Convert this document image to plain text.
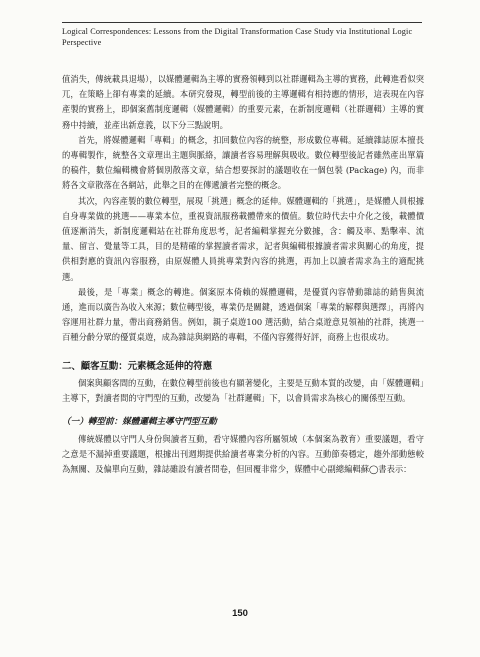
Logical Correspondences: Lessons from the Digital Transformation Case Study via Institutional Logic Perspective

值消失，傳統載具退場），以媒體邏輯為主導的實務領轉到以社群邏輯為主導的實務，此轉進看似突兀，在策略上卻有專業的延續。本研究發現，轉型前後的主導邏輯有相持應的情形，這表現在內容產製的實務上，即個案舊制度邏輯（媒體邏輯）的重要元素，在新制度邏輯（社群邏輯）主導的實務中持續，並產出新意義，以下分三點說明。

首先，將媒體邏輯「專輯」的概念，扣回數位內容的統整，形成數位專輯。延續雜誌原本擅長的專輯製作，統整各文章理出主題與脈絡，讓讀者容易理解與吸收。數位轉型後記者雖然產出單篇的稿件，數位編輯機會將個別散落文章，結合想要探討的議題收在一個包裝 (Package) 內，而非將各文章散落在各網站，此舉之目的在傳遞讀者完整的概念。

其次，內容產製的數位轉型，展現「挑選」概念的延伸。媒體邏輯的「挑選」，是媒體人員根據自身專業做的挑選——專業本位，重視資訊服務載體帶來的價值。數位時代去中介化之後，載體價值逐漸消失，新制度邏輯站在社群角度思考，記者編輯掌握充分數據，含：觸及率、點擊率、流量、留言、覺量等工具，目的是精確的掌握讀者需求，記者與編輯根據讀者需求與關心的角度，提供相對應的資訊內容服務，由原媒體人員挑專業對內容的挑選，再加上以讀者需求為主的適配挑選。

最後，是「專業」概念的轉進。個案原本倚賴的媒體邏輯，是優質內容帶動雜誌的銷售與流通，進而以廣告為收入來源；數位轉型後，專業仍是關鍵，透過個案「專業的解釋與選擇」，再將內容運用社群力量，帶出商務銷售。例如，親子桌遊100 選活動，結合桌遊意見領袖的社群，挑選一百種分齡分眾的優質桌遊，成為雜誌與網路的專輯，不僅內容獲得好評，商務上也很成功。

二、顧客互動：元素概念延伸的符應

個案與顧客間的互動，在數位轉型前後也有顯著變化，主要是互動本質的改變，由「媒體邏輯」主導下，對讀者間的守門型的互動，改變為「社群邏輯」下，以會員需求為核心的關係型互動。

（一）轉型前：媒體邏輯主導守門型互動

傳統媒體以守門人身份與讀者互動，看守媒體內容所屬領域（本個案為教育）重要議題，看守之意是不漏掉重要議題，根據出刊週期提供給讀者專業分析的內容。互動節奏穩定，趨外部動態較為無關、及偏單向互動，雜誌雖設有讀者問卷，但回覆非常少，媒體中心副總編輯蘇◯書表示：

150
